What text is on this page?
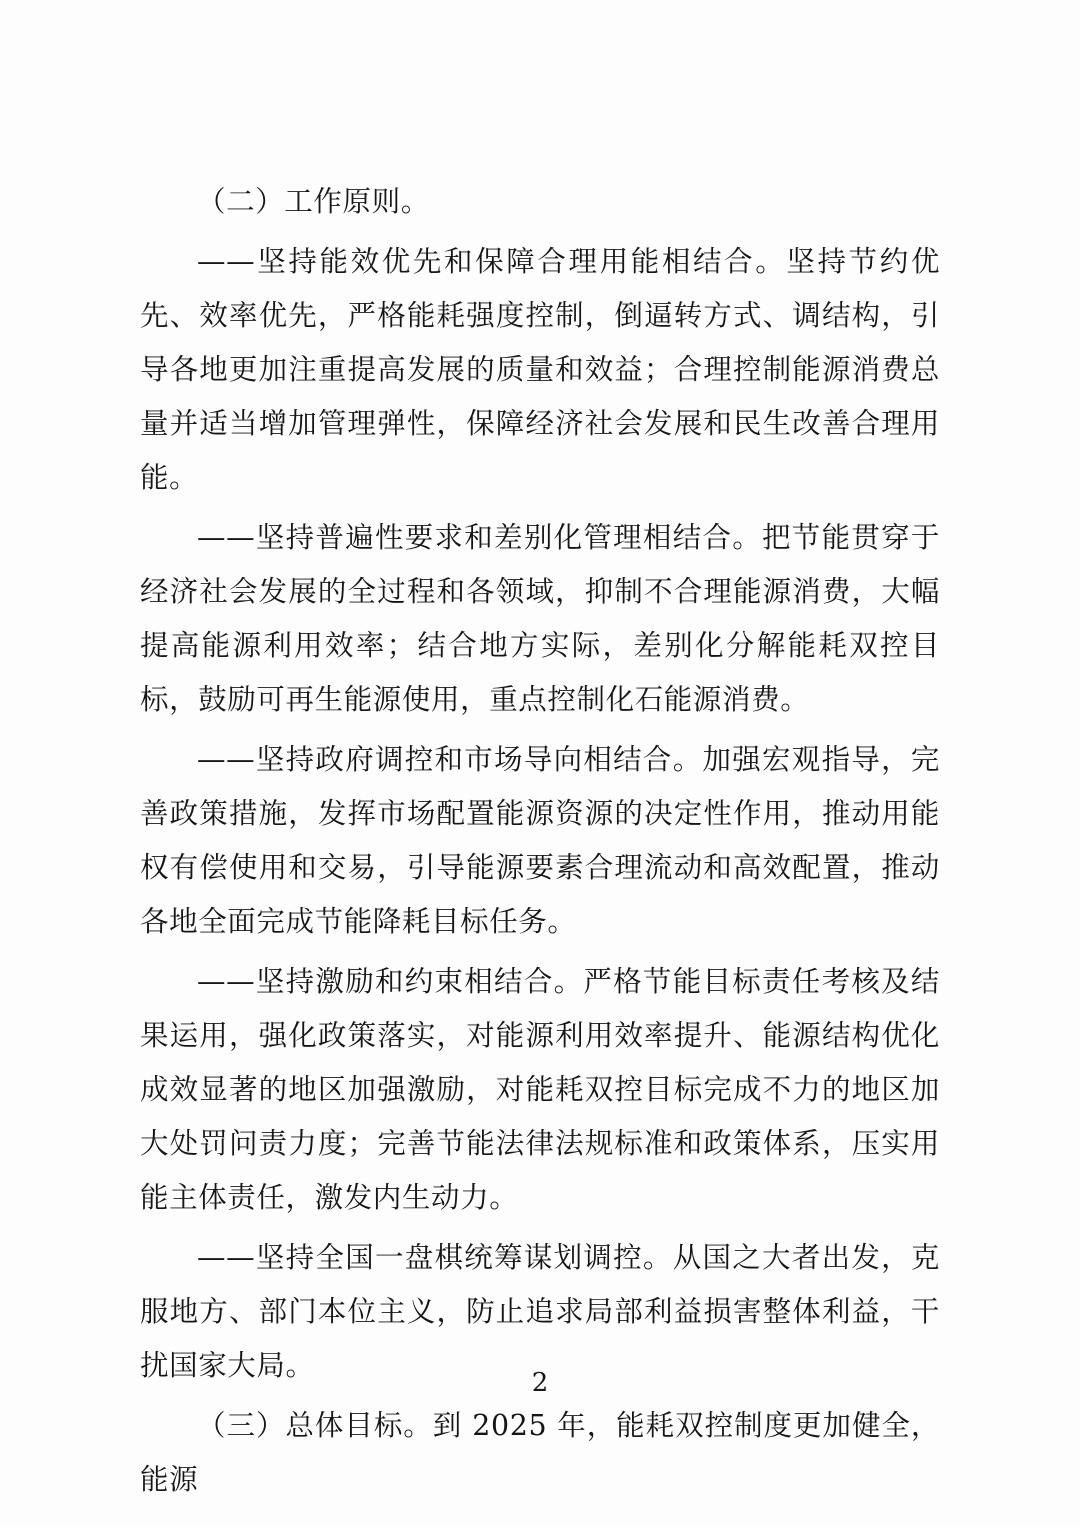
（二）工作原则。

——坚持能效优先和保障合理用能相结合。坚持节约优先、效率优先，严格能耗强度控制，倒逼转方式、调结构，引导各地更加注重提高发展的质量和效益；合理控制能源消费总量并适当增加管理弹性，保障经济社会发展和民生改善合理用能。

——坚持普遍性要求和差别化管理相结合。把节能贯穿于经济社会发展的全过程和各领域，抑制不合理能源消费，大幅提高能源利用效率；结合地方实际，差别化分解能耗双控目标，鼓励可再生能源使用，重点控制化石能源消费。

——坚持政府调控和市场导向相结合。加强宏观指导，完善政策措施，发挥市场配置能源资源的决定性作用，推动用能权有偿使用和交易，引导能源要素合理流动和高效配置，推动各地全面完成节能降耗目标任务。

——坚持激励和约束相结合。严格节能目标责任考核及结果运用，强化政策落实，对能源利用效率提升、能源结构优化成效显著的地区加强激励，对能耗双控目标完成不力的地区加大处罚问责力度；完善节能法律法规标准和政策体系，压实用能主体责任，激发内生动力。

——坚持全国一盘棋统筹谋划调控。从国之大者出发，克服地方、部门本位主义，防止追求局部利益损害整体利益，干扰国家大局。

（三）总体目标。到 2025 年，能耗双控制度更加健全，能源

2
